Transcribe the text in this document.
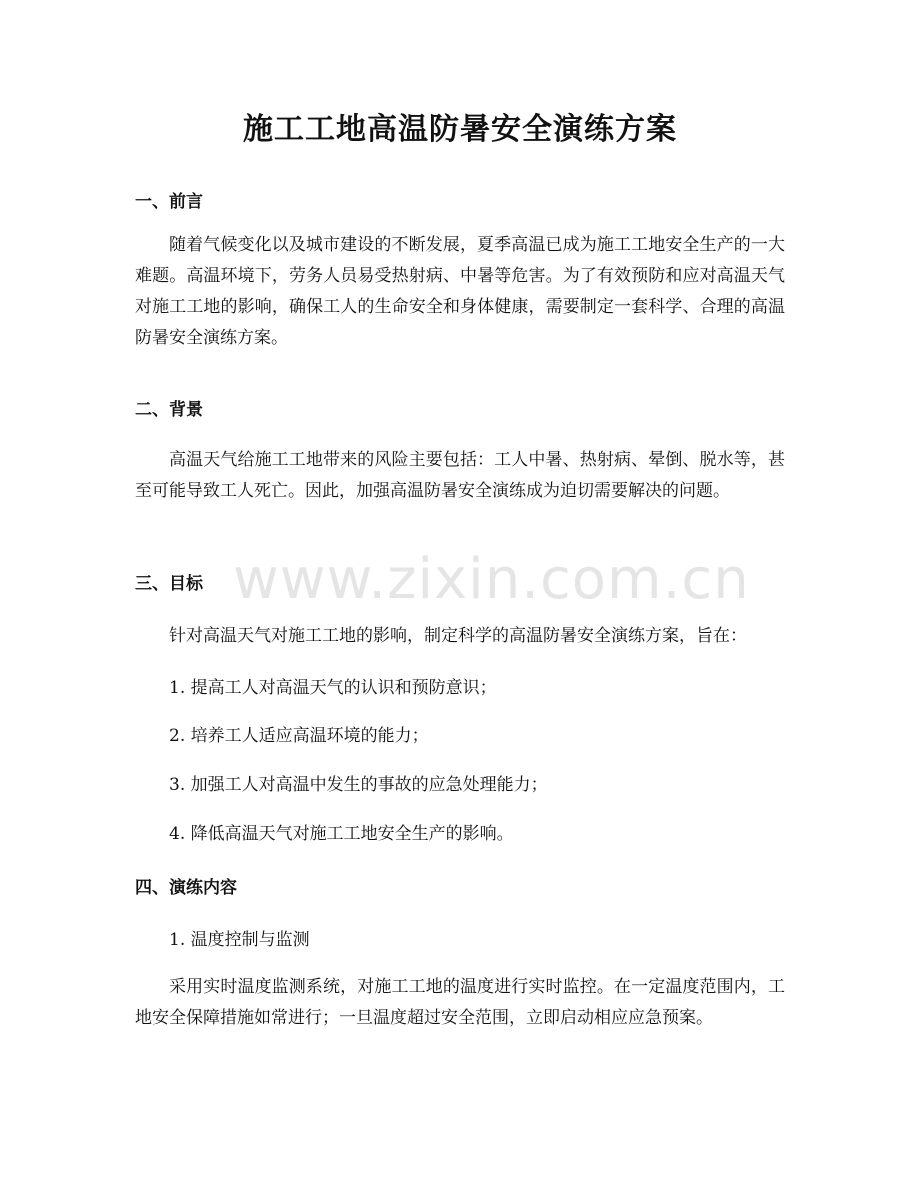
www.zixin.com.cn
施工工地高温防暑安全演练方案
一、前言

随着气候变化以及城市建设的不断发展，夏季高温已成为施工工地安全生产的一大难题。高温环境下，劳务人员易受热射病、中暑等危害。为了有效预防和应对高温天气对施工工地的影响，确保工人的生命安全和身体健康，需要制定一套科学、合理的高温防暑安全演练方案。

二、背景

高温天气给施工工地带来的风险主要包括：工人中暑、热射病、晕倒、脱水等，甚至可能导致工人死亡。因此，加强高温防暑安全演练成为迫切需要解决的问题。

三、目标

针对高温天气对施工工地的影响，制定科学的高温防暑安全演练方案，旨在：

1. 提高工人对高温天气的认识和预防意识；

2. 培养工人适应高温环境的能力；

3. 加强工人对高温中发生的事故的应急处理能力；

4. 降低高温天气对施工工地安全生产的影响。

四、演练内容

1. 温度控制与监测

采用实时温度监测系统，对施工工地的温度进行实时监控。在一定温度范围内，工地安全保障措施如常进行；一旦温度超过安全范围，立即启动相应应急预案。
